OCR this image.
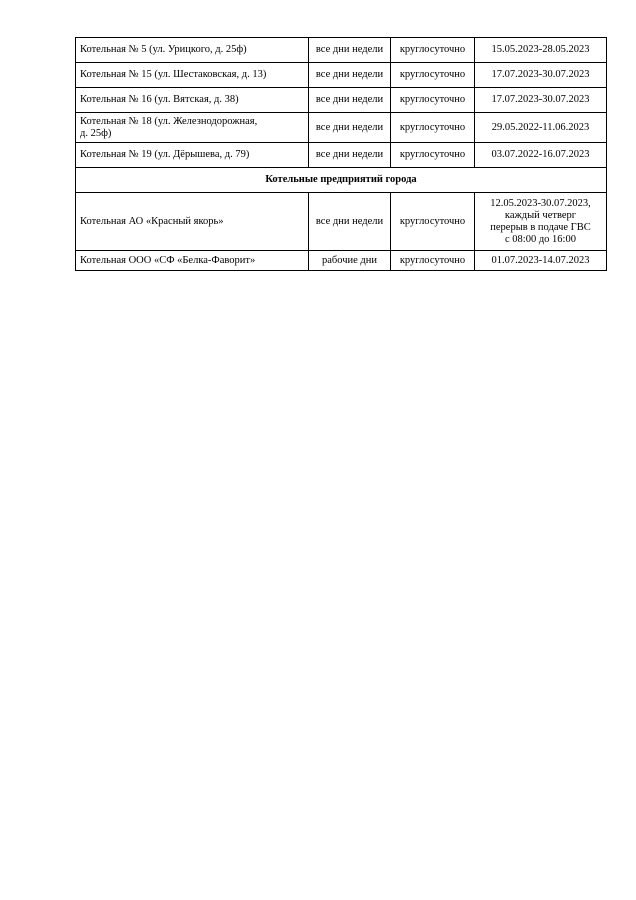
Котельная № 5 (ул. Урицкого, д. 25ф)	все дни недели	круглосуточно	15.05.2023-28.05.2023
Котельная № 15 (ул. Шестаковская, д. 13)	все дни недели	круглосуточно	17.07.2023-30.07.2023
Котельная № 16 (ул. Вятская, д. 38)	все дни недели	круглосуточно	17.07.2023-30.07.2023

Котельная № 18 (ул. Железнодорожная,
д. 25ф)	все дни недели	круглосуточно	29.05.2022-11.06.2023
Котельная № 19 (ул. Дёрышева, д. 79)	все дни недели	круглосуточно	03.07.2022-16.07.2023
Котельные предприятий города			
Котельная АО «Красный якорь»	все дни недели	круглосуточно	12.05.2023-30.07.2023,
каждый четверг
перерыв в подаче ГВС
с 08:00 до 16:00

Котельная ООО «СФ «Белка-Фаворит»	рабочие дни	круглосуточно	01.07.2023-14.07.2023
